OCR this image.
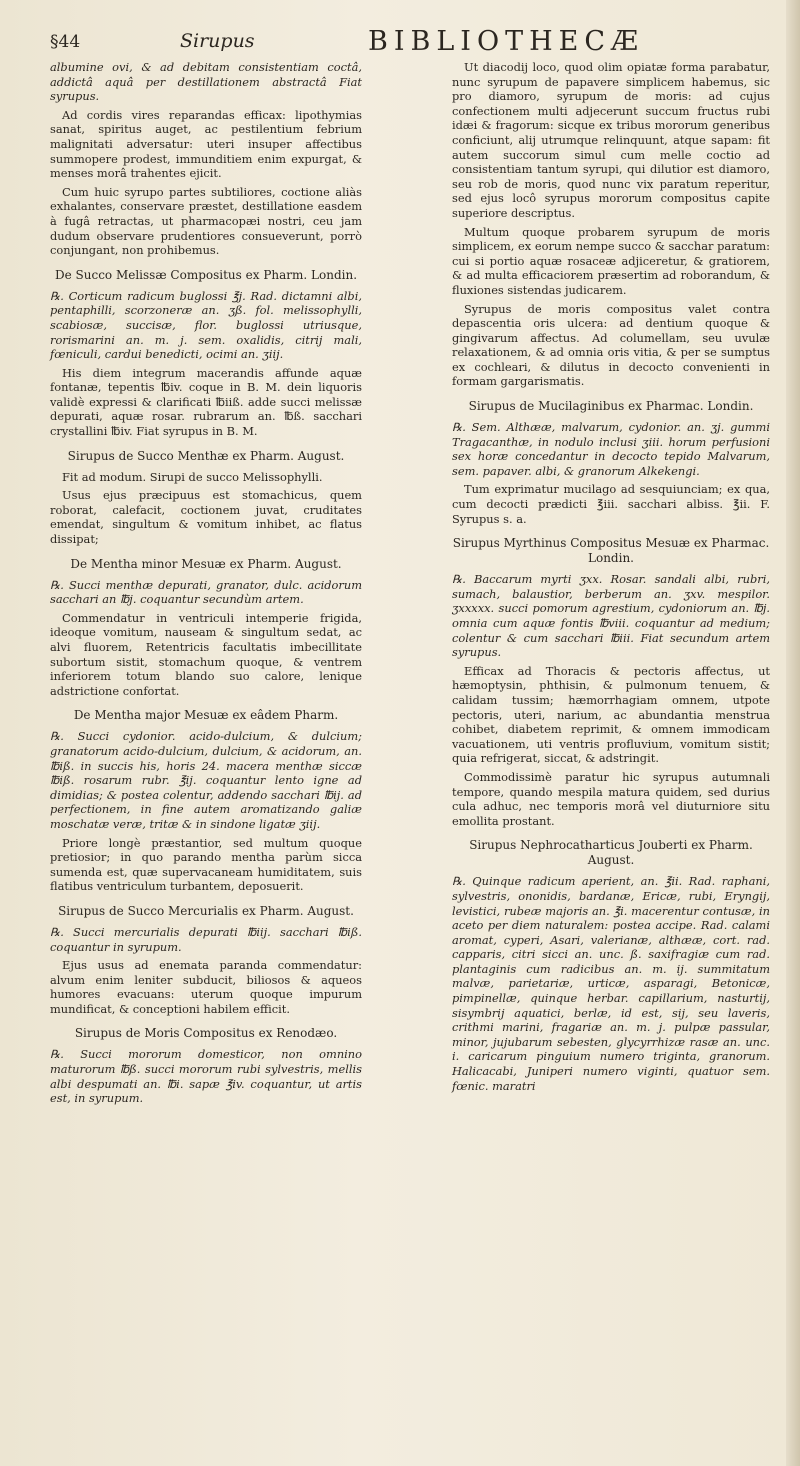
§44	Sirupus	BIBLIOTHECÆ

albumine ovi, & ad debitam consistentiam coctâ, addictâ aquâ per destillationem abstractâ Fiat syrupus.

Ad cordis vires reparandas efficax: lipothymias sanat, spiritus auget, ac pestilentium febrium malignitati adversatur: uteri insuper affectibus summopere prodest, immunditiem enim expurgat, & menses morâ trahentes ejicit.

Cum huic syrupo partes subtiliores, coctione aliàs exhalantes, conservare præstet, destillatione easdem à fugâ retractas, ut pharmacopæi nostri, ceu jam dudum observare prudentiores consueverunt, porrò conjungant, non prohibemus.

De Succo Melissæ Compositus ex Pharm. Londin.

℞. Corticum radicum buglossi ℥j. Rad. dictamni albi, pentaphilli, scorzoneræ an. ʒß. fol. melissophylli, scabiosæ, succisæ, flor. buglossi utriusque, rorismarini an. m. j. sem. oxalidis, citrij mali, fœniculi, cardui benedicti, ocimi an. ʒiij.

His diem integrum macerandis affunde aquæ fontanæ, tepentis ℔iv. coque in B. M. dein liquoris validè expressi & clarificati ℔iiß. adde succi melissæ depurati, aquæ rosar. rubrarum an. ℔ß. sacchari crystallini ℔iv. Fiat syrupus in B. M.

Sirupus de Succo Menthæ ex Pharm. August.

Fit ad modum. Sirupi de succo Melissophylli.

Usus ejus præcipuus est stomachicus, quem roborat, calefacit, coctionem juvat, cruditates emendat, singultum & vomitum inhibet, ac flatus dissipat;

De Mentha minor Mesuæ ex Pharm. August.

℞. Succi menthæ depurati, granator, dulc. acidorum sacchari an ℔j. coquantur secundùm artem.

Commendatur in ventriculi intemperie frigida, ideoque vomitum, nauseam & singultum sedat, ac alvi fluorem, Retentricis facultatis imbecillitate subortum sistit, stomachum quoque, & ventrem inferiorem totum blando suo calore, lenique adstrictione confortat.

De Mentha major Mesuæ ex eâdem Pharm.

℞. Succi cydonior. acido-dulcium, & dulcium; granatorum acido-dulcium, dulcium, & acidorum, an. ℔iß. in succis his, horis 24. macera menthæ siccæ ℔iß. rosarum rubr. ℥ij. coquantur lento igne ad dimidias; & postea colentur, addendo sacchari ℔ij. ad perfectionem, in fine autem aromatizando galiæ moschatæ veræ, tritæ & in sindone ligatæ ʒiij.

Priore longè præstantior, sed multum quoque pretiosior; in quo parando mentha parùm sicca sumenda est, quæ supervacaneam humiditatem, suis flatibus ventriculum turbantem, deposuerit.

Sirupus de Succo Mercurialis ex Pharm. August.

℞. Succi mercurialis depurati ℔iij. sacchari ℔iß. coquantur in syrupum.

Ejus usus ad enemata paranda commendatur: alvum enim leniter subducit, biliosos & aqueos humores evacuans: uterum quoque impurum mundificat, & conceptioni habilem efficit.

Sirupus de Moris Compositus ex Renodæo.

℞. Succi mororum domesticor, non omnino maturorum ℔ß. succi mororum rubi sylvestris, mellis albi despumati an. ℔i. sapæ ℥iv. coquantur, ut artis est, in syrupum.

Ut diacodij loco, quod olim opiatæ forma parabatur, nunc syrupum de papavere simplicem habemus, sic pro diamoro, syrupum de moris: ad cujus confectionem multi adjecerunt succum fructus rubi idæi & fragorum: sicque ex tribus mororum generibus conficiunt, alij utrumque relinquunt, atque sapam: fit autem succorum simul cum melle coctio ad consistentiam tantum syrupi, qui dilutior est diamoro, seu rob de moris, quod nunc vix paratum reperitur, sed ejus locô syrupus mororum compositus capite superiore descriptus.

Multum quoque probarem syrupum de moris simplicem, ex eorum nempe succo & sacchar paratum: cui si portio aquæ rosaceæ adjiceretur, & gratiorem, & ad multa efficaciorem præsertim ad roborandum, & fluxiones sistendas judicarem.

Syrupus de moris compositus valet contra depascentia oris ulcera: ad dentium quoque & gingivarum affectus. Ad columellam, seu uvulæ relaxationem, & ad omnia oris vitia, & per se sumptus ex cochleari, & dilutus in decocto convenienti in formam gargarismatis.

Sirupus de Mucilaginibus ex Pharmac. Londin.

℞. Sem. Althææ, malvarum, cydonior. an. ʒj. gummi Tragacanthæ, in nodulo inclusi ʒiii. horum perfusioni sex horæ concedantur in decocto tepido Malvarum, sem. papaver. albi, & granorum Alkekengi.

Tum exprimatur mucilago ad sesquiunciam; ex qua, cum decocti prædicti ℥iii. sacchari albiss. ℥ii. F. Syrupus s. a.

Sirupus Myrthinus Compositus Mesuæ ex Pharmac. Londin.

℞. Baccarum myrti ʒxx. Rosar. sandali albi, rubri, sumach, balaustior, berberum an. ʒxv. mespilor. ʒxxxxx. succi pomorum agrestium, cydoniorum an. ℔j. omnia cum aquæ fontis ℔viii. coquantur ad medium; colentur & cum sacchari ℔iii. Fiat secundum artem syrupus.

Efficax ad Thoracis & pectoris affectus, ut hæmoptysin, phthisin, & pulmonum tenuem, & calidam tussim; hæmorrhagiam omnem, utpote pectoris, uteri, narium, ac abundantia menstrua cohibet, diabetem reprimit, & omnem immodicam vacuationem, uti ventris profluvium, vomitum sistit; quia refrigerat, siccat, & adstringit.

Commodissimè paratur hic syrupus autumnali tempore, quando mespila matura quidem, sed durius cula adhuc, nec temporis morâ vel diuturniore situ emollita prostant.

Sirupus Nephrocatharticus Jouberti ex Pharm. August.

℞. Quinque radicum aperient, an. ℥ii. Rad. raphani, sylvestris, ononidis, bardanæ, Ericæ, rubi, Eryngij, levistici, rubeæ majoris an. ℥i. macerentur contusæ, in aceto per diem naturalem: postea accipe. Rad. calami aromat, cyperi, Asari, valerianæ, althææ, cort. rad. capparis, citri sicci an. unc. ß. saxifragiæ cum rad. plantaginis cum radicibus an. m. ij. summitatum malvæ, parietariæ, urticæ, asparagi, Betonicæ, pimpinellæ, quinque herbar. capillarium, nasturtij, sisymbrij aquatici, berlæ, id est, sij, seu laveris, crithmi marini, fragariæ an. m. j. pulpæ passular, minor, jujubarum sebesten, glycyrrhizæ rasæ an. unc. i. caricarum pinguium numero triginta, granorum. Halicacabi, Juniperi numero viginti, quatuor sem. fœnic. maratri
